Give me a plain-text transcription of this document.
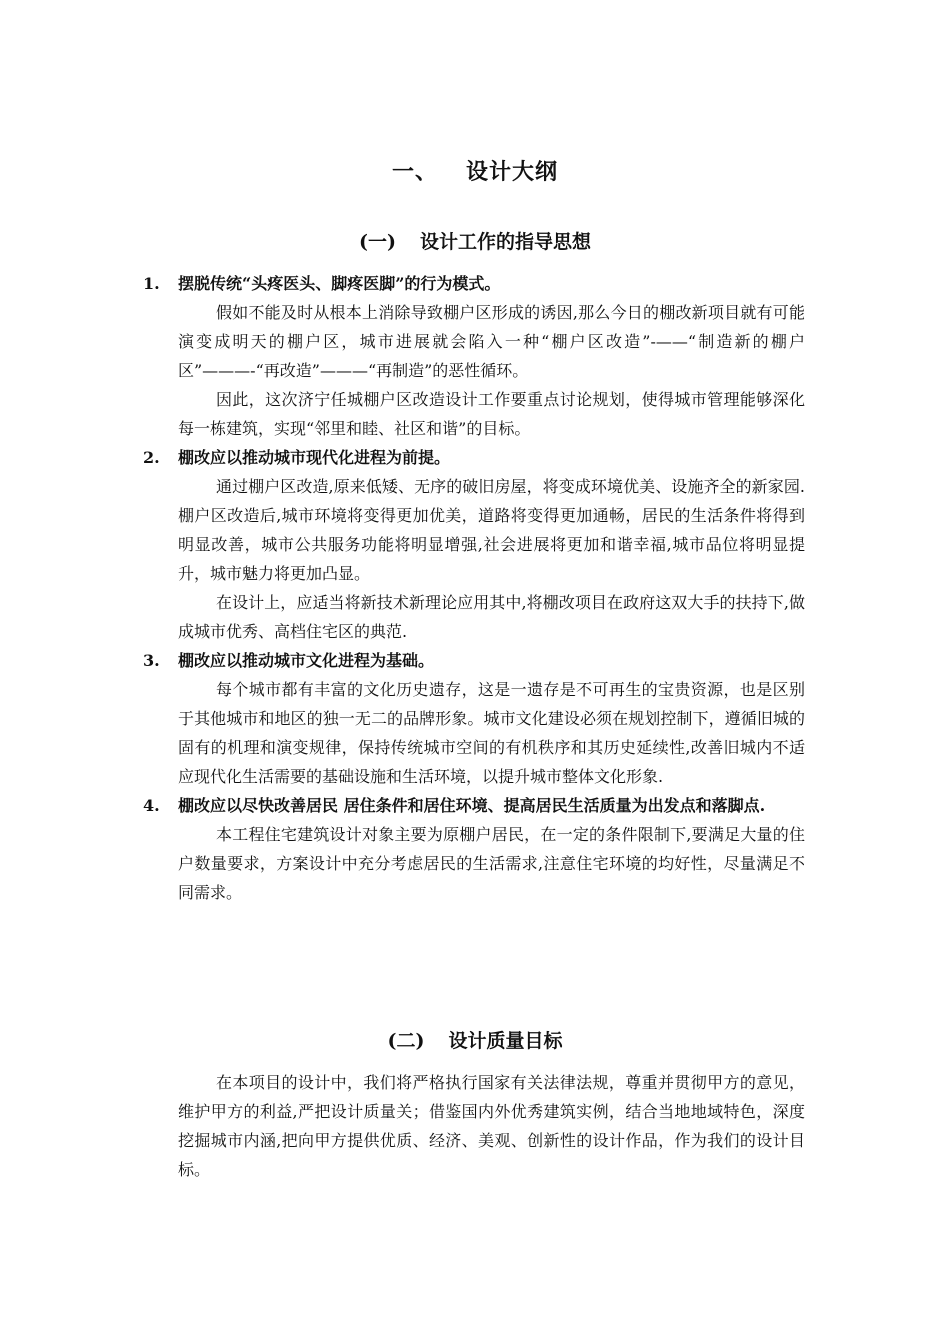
一、 设计大纲
(一) 设计工作的指导思想
1. 摆脱传统“头疼医头、脚疼医脚”的行为模式。
假如不能及时从根本上消除导致棚户区形成的诱因,那么今日的棚改新项目就有可能演变成明天的棚户区，城市进展就会陷入一种“棚户区改造”-——“制造新的棚户区”———-“再改造”———“再制造”的恶性循环。
因此，这次济宁任城棚户区改造设计工作要重点讨论规划，使得城市管理能够深化每一栋建筑，实现“邻里和睦、社区和谐”的目标。
2. 棚改应以推动城市现代化进程为前提。
通过棚户区改造,原来低矮、无序的破旧房屋，将变成环境优美、设施齐全的新家园.棚户区改造后,城市环境将变得更加优美，道路将变得更加通畅，居民的生活条件将得到明显改善，城市公共服务功能将明显增强,社会进展将更加和谐幸福,城市品位将明显提升，城市魅力将更加凸显。
在设计上，应适当将新技术新理论应用其中,将棚改项目在政府这双大手的扶持下,做成城市优秀、高档住宅区的典范.
3. 棚改应以推动城市文化进程为基础。
每个城市都有丰富的文化历史遗存，这是一遗存是不可再生的宝贵资源，也是区别于其他城市和地区的独一无二的品牌形象。城市文化建设必须在规划控制下，遵循旧城的固有的机理和演变规律，保持传统城市空间的有机秩序和其历史延续性,改善旧城内不适应现代化生活需要的基础设施和生活环境，以提升城市整体文化形象.
4. 棚改应以尽快改善居民 居住条件和居住环境、提高居民生活质量为出发点和落脚点.
本工程住宅建筑设计对象主要为原棚户居民，在一定的条件限制下,要满足大量的住户数量要求，方案设计中充分考虑居民的生活需求,注意住宅环境的均好性，尽量满足不同需求。
(二) 设计质量目标
在本项目的设计中，我们将严格执行国家有关法律法规，尊重并贯彻甲方的意见，维护甲方的利益,严把设计质量关；借鉴国内外优秀建筑实例，结合当地地域特色，深度挖掘城市内涵,把向甲方提供优质、经济、美观、创新性的设计作品，作为我们的设计目标。
